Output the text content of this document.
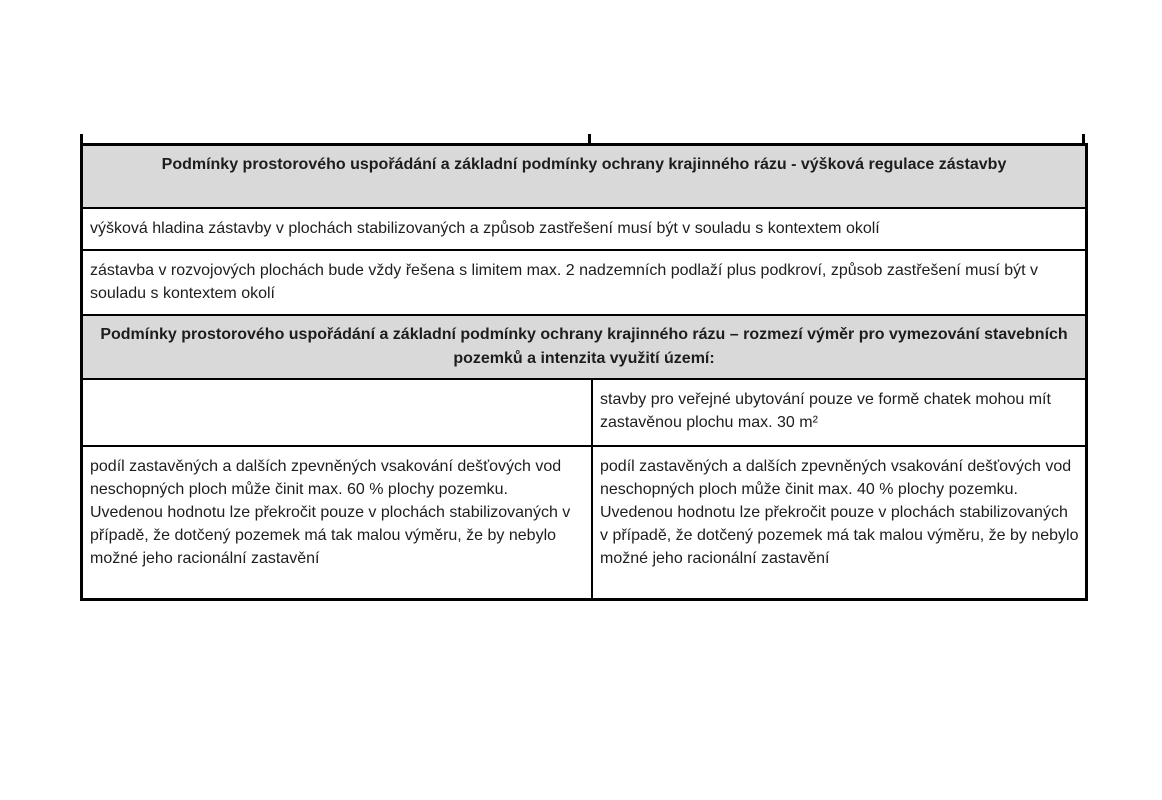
Podmínky prostorového uspořádání a základní podmínky ochrany krajinného rázu - výšková regulace zástavby
výšková hladina zástavby v plochách stabilizovaných a způsob zastřešení musí být v souladu s kontextem okolí
zástavba v rozvojových plochách bude vždy řešena s limitem max. 2 nadzemních podlaží plus podkroví, způsob zastřešení musí být v souladu s kontextem okolí
Podmínky prostorového uspořádání a základní podmínky ochrany krajinného rázu – rozmezí výměr pro vymezování stavebních pozemků a intenzita využití území:
stavby pro veřejné ubytování pouze ve formě chatek mohou mít zastavěnou plochu max. 30 m²
podíl zastavěných a dalších zpevněných vsakování dešťových vod neschopných ploch může činit max. 60 % plochy pozemku. Uvedenou hodnotu lze překročit pouze v plochách stabilizovaných v případě, že dotčený pozemek má tak malou výměru, že by nebylo možné jeho racionální zastavění
podíl zastavěných a dalších zpevněných vsakování dešťových vod neschopných ploch může činit max. 40 % plochy pozemku. Uvedenou hodnotu lze překročit pouze v plochách stabilizovaných v případě, že dotčený pozemek má tak malou výměru, že by nebylo možné jeho racionální zastavění
